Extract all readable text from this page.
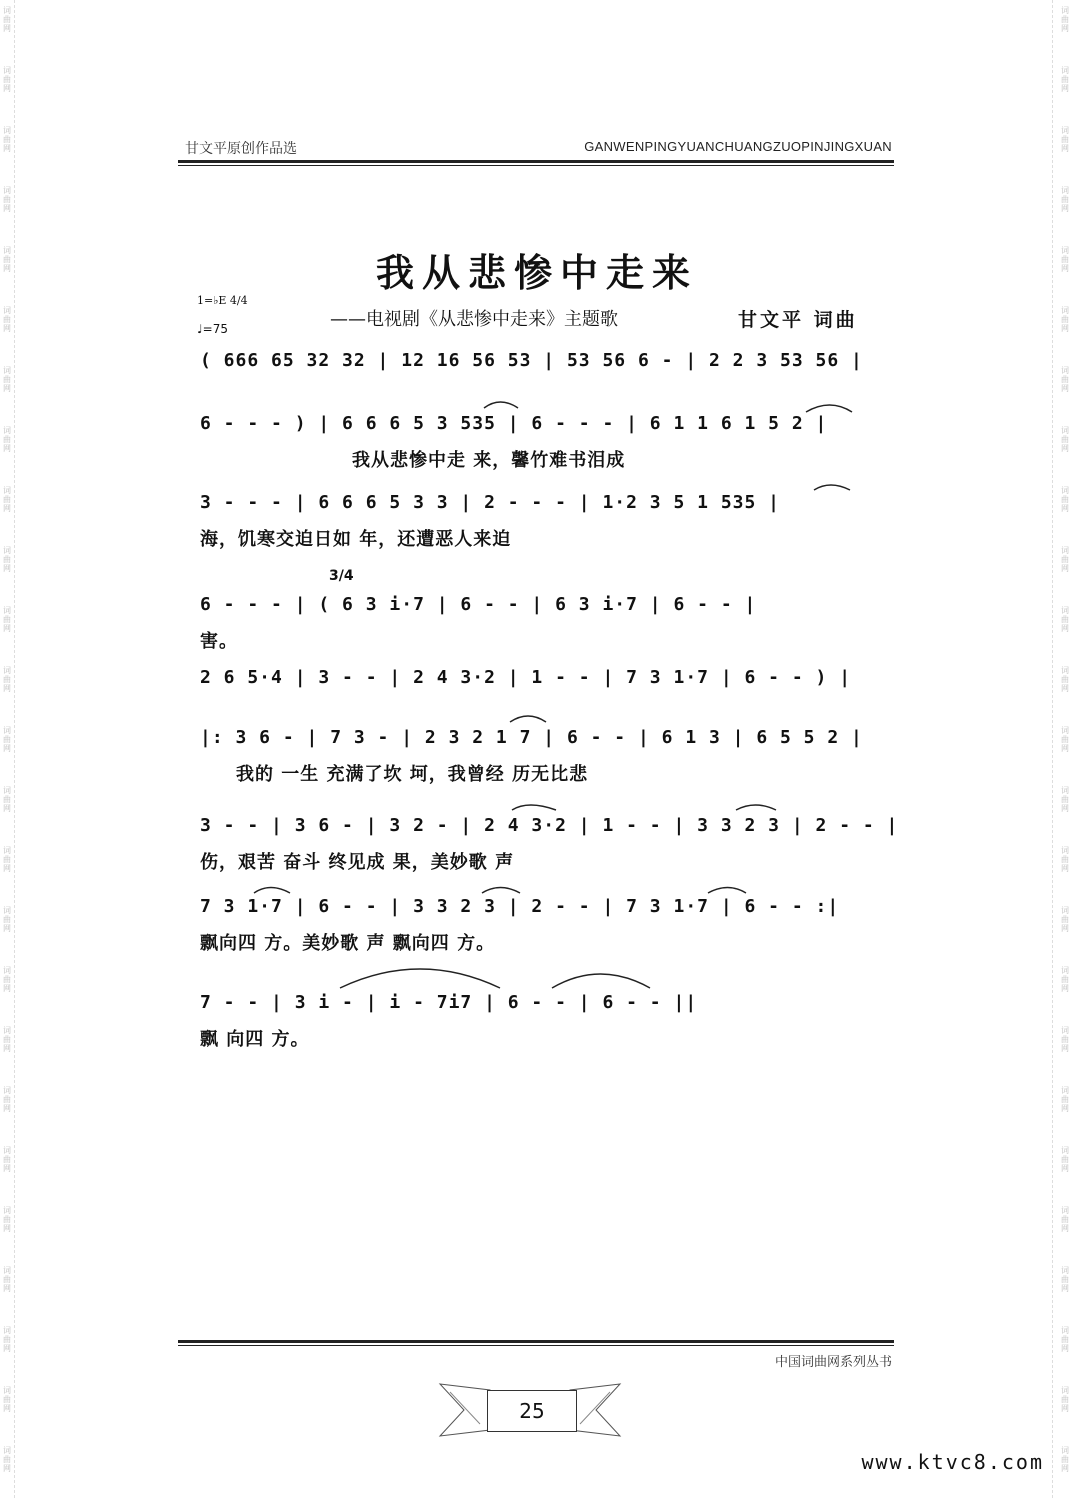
词
曲
网
词
曲
网
词
曲
网
词
曲
网
词
曲
网
词
曲
网
词
曲
网
词
曲
网
词
曲
网
词
曲
网
词
曲
网
词
曲
网
词
曲
网
词
曲
网
词
曲
网
词
曲
网
词
曲
网
词
曲
网
词
曲
网
词
曲
网
词
曲
网
词
曲
网
词
曲
网
词
曲
网
词
曲
网
词
曲
网
词
曲
网
词
曲
网
词
曲
网
词
曲
网
词
曲
网
词
曲
网
词
曲
网
词
曲
网
词
曲
网
词
曲
网
词
曲
网
词
曲
网
词
曲
网
词
曲
网
词
曲
网
词
曲
网
词
曲
网
词
曲
网
词
曲
网
词
曲
网
词
曲
网
词
曲
网
词
曲
网
词
曲
网
甘文平原创作品选	GANWENPINGYUANCHUANGZUOPINJINGXUAN
我从悲惨中走来
1=♭E 4/4
♩=75	——电视剧《从悲惨中走来》主题歌	甘文平 词曲
( 666 65 32 32 | 12 16 56 53 | 53 56 6 - | 2 2 3 53 56 |
6 - - - ) | 6 6 6 5 3 535 | 6 - - - | 6 1 1 6 1 5 2 |
我从悲惨中走 来，馨竹难书泪成
3 - - - | 6 6 6 5 3 3 | 2 - - - | 1·2 3 5 1 535 |
海，饥寒交迫日如 年，还遭恶人来迫
3/4
6 - - - | ( 6 3 i·7 | 6 - - | 6 3 i·7 | 6 - - |
害。
2 6 5·4 | 3 - - | 2 4 3·2 | 1 - - | 7 3 1·7 | 6 - - ) |
|: 3 6 - | 7 3 - | 2 3 2 1 7 | 6 - - | 6 1 3 | 6 5 5 2 |
我的 一生 充满了坎 坷，我曾经 历无比悲
3 - - | 3 6 - | 3 2 - | 2 4 3·2 | 1 - - | 3 3 2 3 | 2 - - |
伤，艰苦 奋斗 终见成 果，美妙歌 声
7 3 1·7 | 6 - - | 3 3 2 3 | 2 - - | 7 3 1·7 | 6 - - :|
飘向四 方。美妙歌 声 飘向四 方。
7 - - | 3 i - | i - 7i7 | 6 - - | 6 - - ||
飘 向四 方。
中国词曲网系列丛书
25
www.ktvc8.com
